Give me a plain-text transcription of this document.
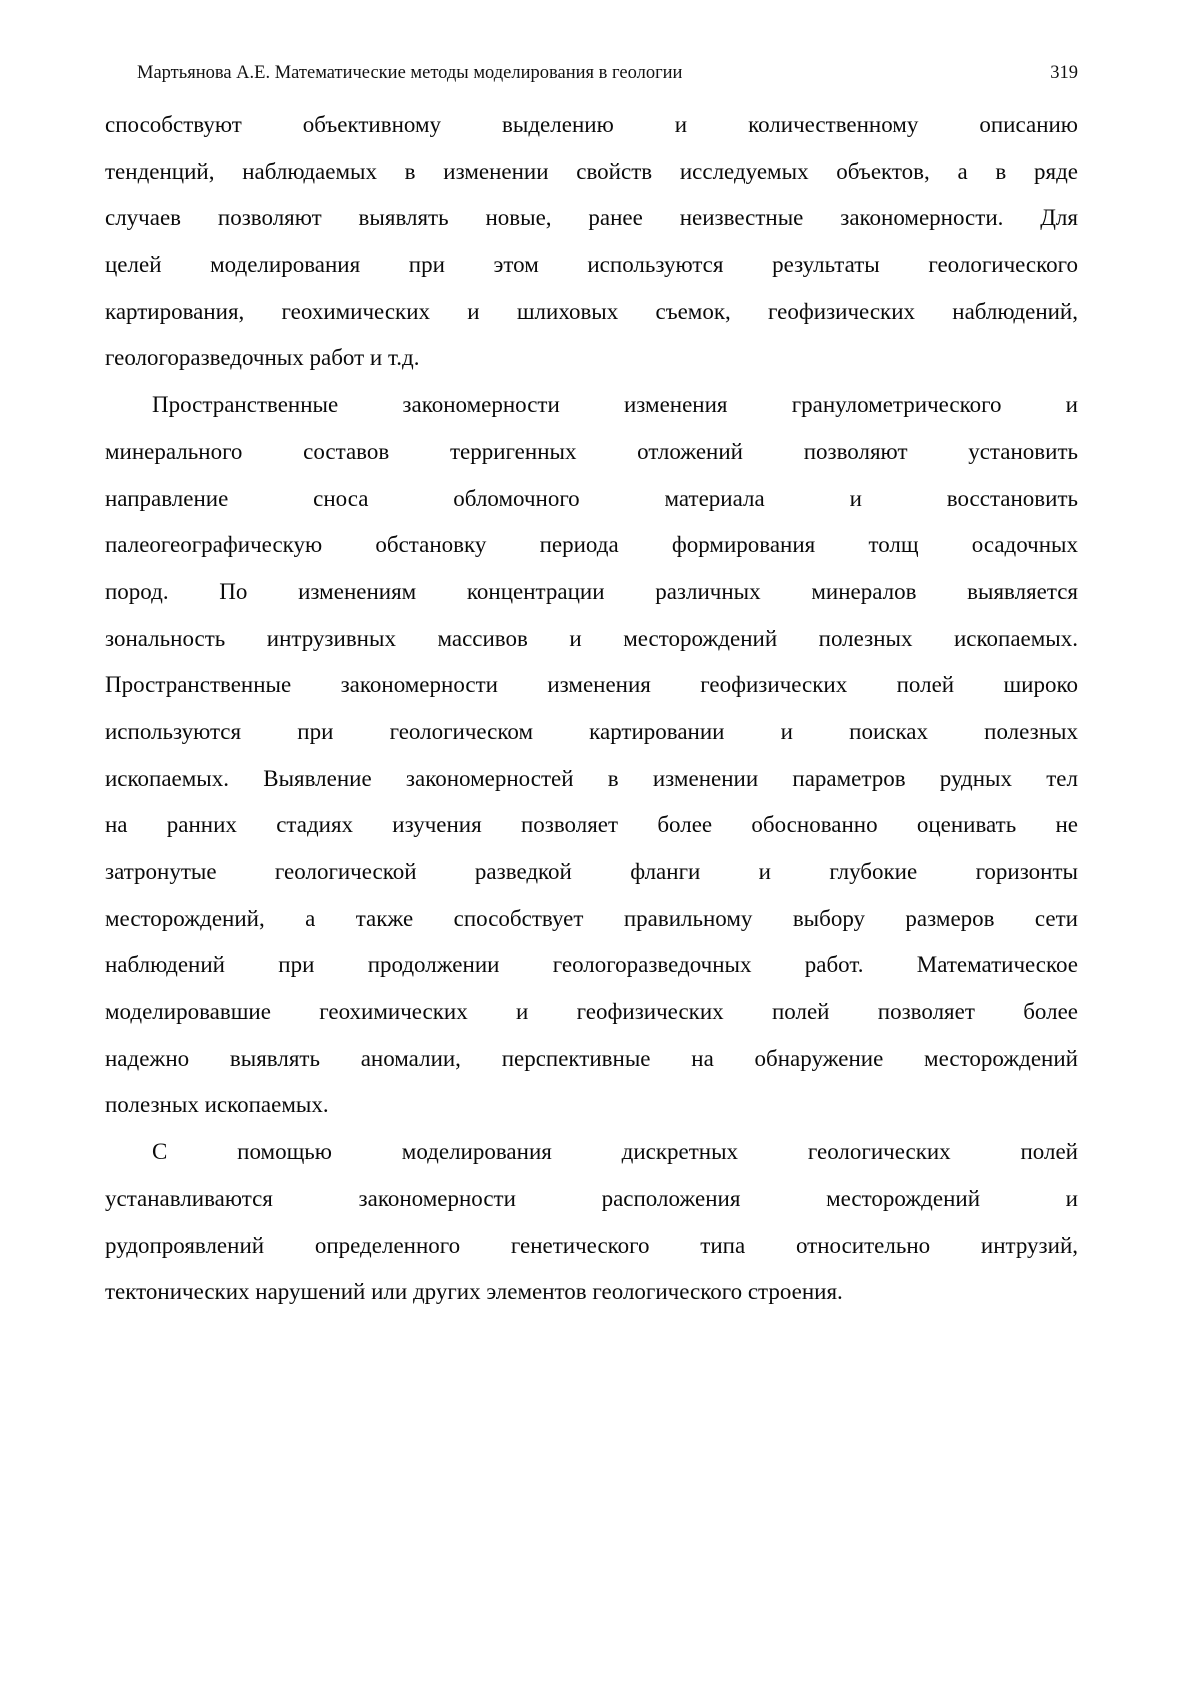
Мартьянова А.Е. Математические методы моделирования в геологии	319
способствуют объективному выделению и количественному описанию
тенденций, наблюдаемых в изменении свойств исследуемых объектов, а в ряде
случаев позволяют выявлять новые, ранее неизвестные закономерности. Для
целей моделирования при этом используются результаты геологического
картирования, геохимических и шлиховых съемок, геофизических наблюдений,
геологоразведочных работ и т.д.
Пространственные закономерности изменения гранулометрического и
минерального составов терригенных отложений позволяют установить
направление сноса обломочного материала и восстановить
палеогеографическую обстановку периода формирования толщ осадочных
пород. По изменениям концентрации различных минералов выявляется
зональность интрузивных массивов и месторождений полезных ископаемых.
Пространственные закономерности изменения геофизических полей широко
используются при геологическом картировании и поисках полезных
ископаемых. Выявление закономерностей в изменении параметров рудных тел
на ранних стадиях изучения позволяет более обоснованно оценивать не
затронутые геологической разведкой фланги и глубокие горизонты
месторождений, а также способствует правильному выбору размеров сети
наблюдений при продолжении геологоразведочных работ. Математическое
моделировавшие геохимических и геофизических полей позволяет более
надежно выявлять аномалии, перспективные на обнаружение месторождений
полезных ископаемых.
С помощью моделирования дискретных геологических полей
устанавливаются закономерности расположения месторождений и
рудопроявлений определенного генетического типа относительно интрузий,
тектонических нарушений или других элементов геологического строения.
